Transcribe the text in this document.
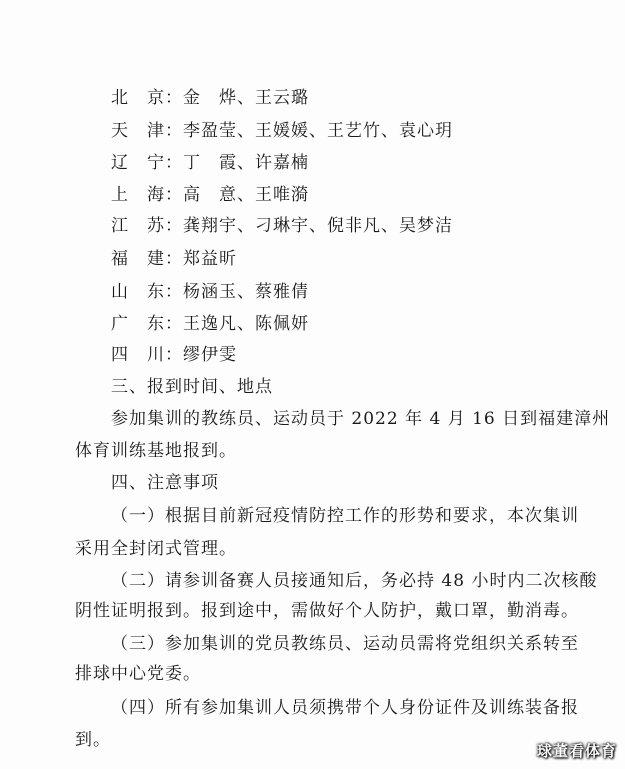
北　京：金　烨、王云璐
天　津：李盈莹、王媛媛、王艺竹、袁心玥
辽　宁：丁　霞、许嘉楠
上　海：高　意、王唯漪
江　苏：龚翔宇、刁琳宇、倪非凡、吴梦洁
福　建：郑益昕
山　东：杨涵玉、蔡雅倩
广　东：王逸凡、陈佩妍
四　川：缪伊雯
三、报到时间、地点
参加集训的教练员、运动员于 2022 年 4 月 16 日到福建漳州
体育训练基地报到。
四、注意事项
（一）根据目前新冠疫情防控工作的形势和要求，本次集训
采用全封闭式管理。
（二）请参训备赛人员接通知后，务必持 48 小时内二次核酸
阴性证明报到。报到途中，需做好个人防护，戴口罩，勤消毒。
（三）参加集训的党员教练员、运动员需将党组织关系转至
排球中心党委。
（四）所有参加集训人员须携带个人身份证件及训练装备报
到。
球董看体育
